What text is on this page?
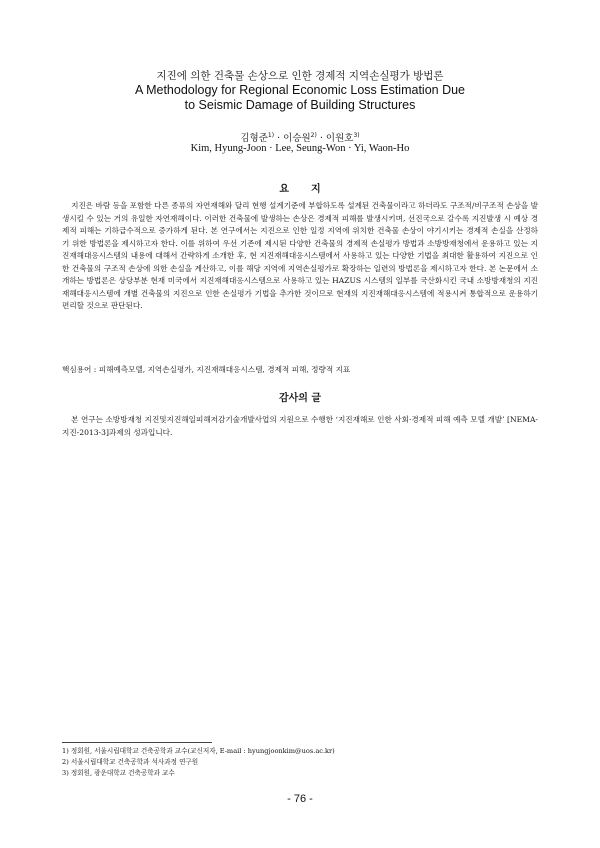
지진에 의한 건축물 손상으로 인한 경제적 지역손실평가 방법론
A Methodology for Regional Economic Loss Estimation Due
to Seismic Damage of Building Structures
김형준$^{1)}$ · 이승원$^{2)}$ · 이원호$^{3)}$
Kim, Hyung-Joon · Lee, Seung-Won · Yi, Waon-Ho
요지

지진은 바람 등을 포함한 다른 종류의 자연재해와 달리 현행 설계기준에 부합하도록 설계된 건축물이라고 하더라도 구조적/비구조적 손상을 발생시킬 수 있는 거의 유일한 자연재해이다. 이러한 건축물에 발생하는 손상은 경제적 피해를 발생시키며, 선진국으로 갈수록 지진발생 시 예상 경제적 피해는 기하급수적으로 증가하게 된다. 본 연구에서는 지진으로 인한 일정 지역에 위치한 건축물 손상이 야기시키는 경제적 손실을 산정하기 위한 방법론을 제시하고자 한다. 이를 위하여 우선 기존에 제시된 다양한 건축물의 경제적 손실평가 방법과 소방방재청에서 운용하고 있는 지진재해대응시스템의 내용에 대해서 간략하게 소개한 후, 현 지진재해대응시스템에서 사용하고 있는 다양한 기법을 최대한 활용하여 지진으로 인한 건축물의 구조적 손상에 의한 손실을 계산하고, 이를 해당 지역에 지역손실평가로 확장하는 일련의 방법론을 제시하고자 한다. 본 논문에서 소개하는 방법론은 상당부분 현재 미국에서 지진재해대응시스템으로 사용하고 있는 HAZUS 시스템의 일부를 국산화시킨 국내 소방방재청의 지진재해대응시스템에 개별 건축물의 지진으로 인한 손실평가 기법을 추가한 것이므로 현재의 지진재해대응시스템에 적용시켜 통합적으로 운용하기 편리할 것으로 판단된다.

핵심용어 : 피해예측모델, 지역손실평가, 지진재해대응시스템, 경제적 피해, 정량적 지표

감사의 글

본 연구는 소방방재청 지진및지진해일피해저감기술개발사업의 지원으로 수행한 ‘지진재해로 인한 사회·경제적 피해 예측 모델 개발’ [NEMA-지진-2013-3]과제의 성과입니다.

1) 정회원, 서울시립대학교 건축공학과 교수(교신저자, E-mail : hyungjoonkim@uos.ac.kr)
2) 서울시립대학교 건축공학과 석사과정 연구원
3) 정회원, 광운대학교 건축공학과 교수
- 76 -
